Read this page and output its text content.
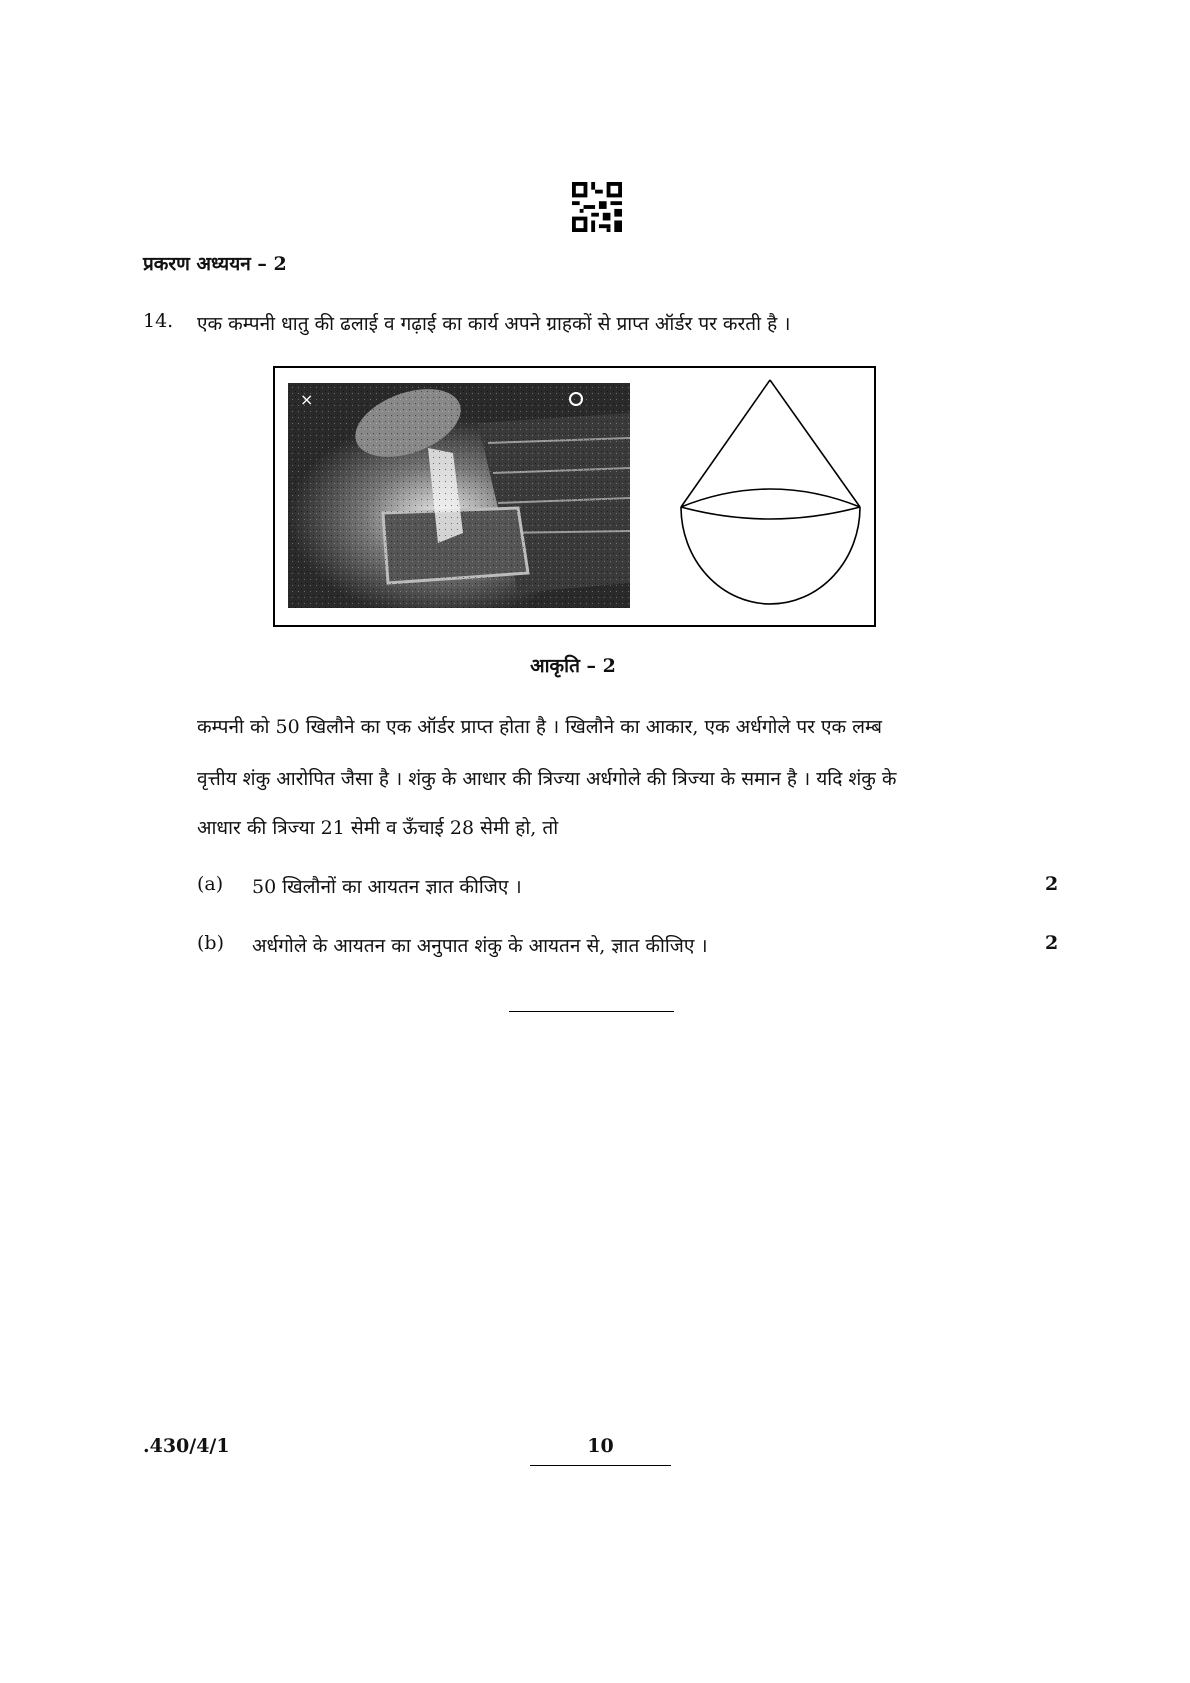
प्रकरण अध्ययन – 2
14. एक कम्पनी धातु की ढलाई व गढ़ाई का कार्य अपने ग्राहकों से प्राप्त ऑर्डर पर करती है ।
×
आकृति – 2
कम्पनी को 50 खिलौने का एक ऑर्डर प्राप्त होता है । खिलौने का आकार, एक अर्धगोले पर एक लम्ब
वृत्तीय शंकु आरोपित जैसा है । शंकु के आधार की त्रिज्या अर्धगोले की त्रिज्या के समान है । यदि शंकु के
आधार की त्रिज्या 21 सेमी व ऊँचाई 28 सेमी हो, तो
(a) 50 खिलौनों का आयतन ज्ञात कीजिए ।	2
(b) अर्धगोले के आयतन का अनुपात शंकु के आयतन से, ज्ञात कीजिए ।	2
.430/4/1	10
